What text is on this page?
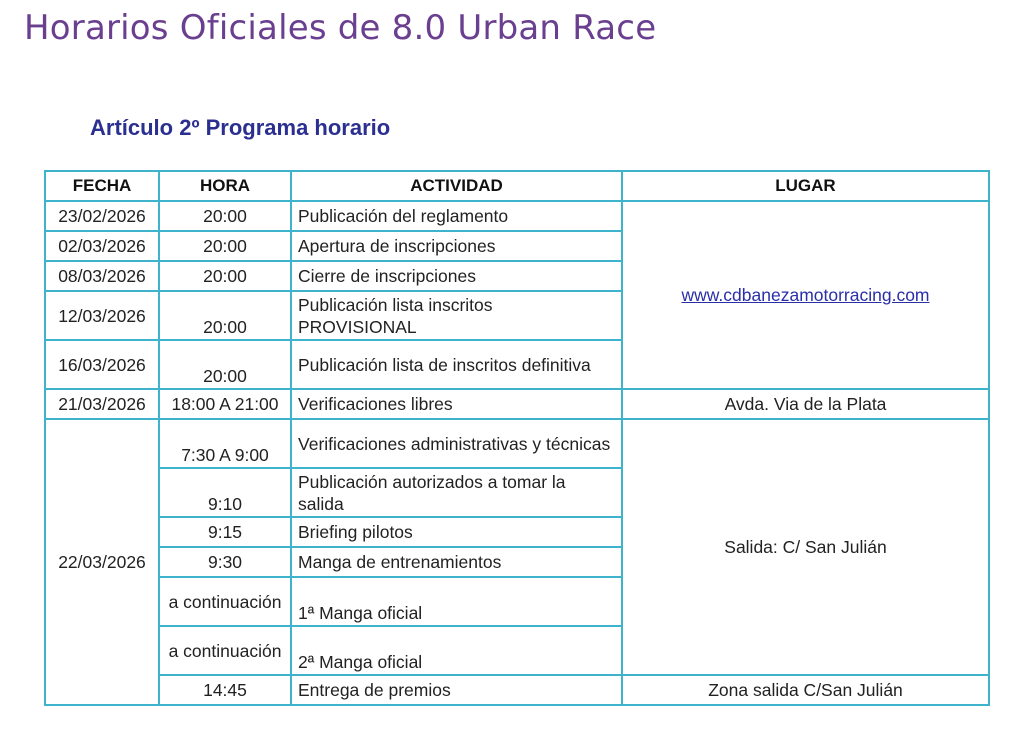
Horarios Oficiales de 8.0 Urban Race
Artículo 2º Programa horario
FECHA	HORA	ACTIVIDAD	LUGAR
23/02/2026	20:00	Publicación del reglamento	www.cdbanezamotorracing.com
02/03/2026	20:00	Apertura de inscripciones	
08/03/2026	20:00	Cierre de inscripciones	
12/03/2026	20:00	Publicación lista inscritos PROVISIONAL	
16/03/2026	20:00	Publicación lista de inscritos definitiva	
21/03/2026	18:00 A 21:00	Verificaciones libres	Avda. Via de la Plata
22/03/2026	7:30 A 9:00	Verificaciones administrativas y técnicas	Salida: C/ San Julián
	9:10	Publicación autorizados a tomar la salida	
	9:15	Briefing pilotos	
	9:30	Manga de entrenamientos	
	a continuación	1ª Manga oficial	
	a continuación	2ª Manga oficial	
	14:45	Entrega de premios	Zona salida C/San Julián
